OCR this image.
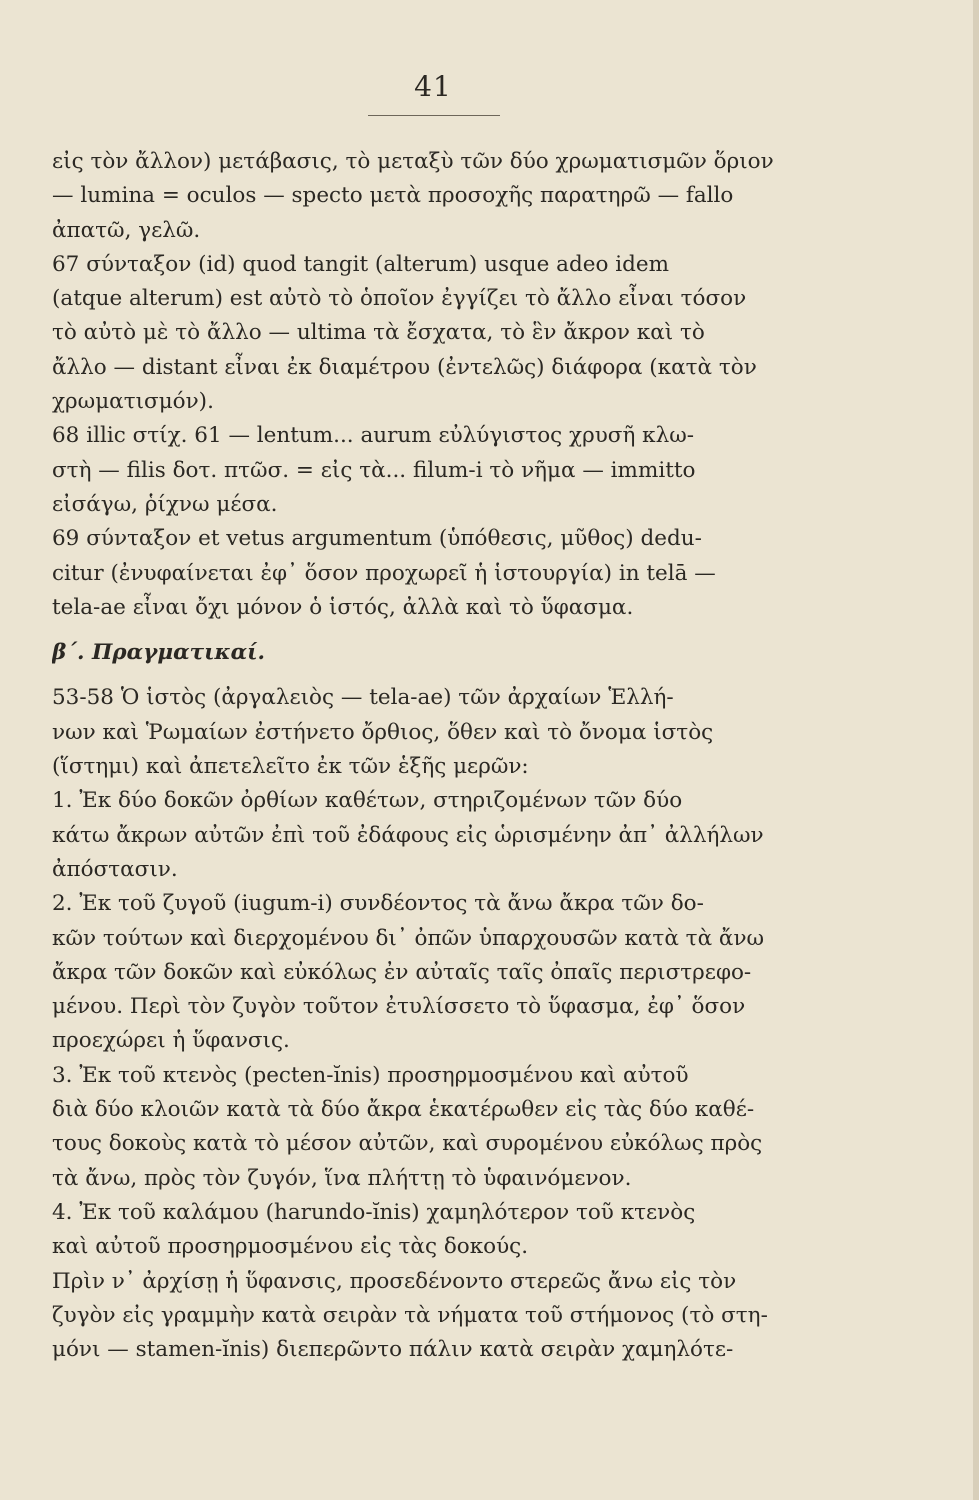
41
εἰς τὸν ἄλλον) μετάβασις, τὸ μεταξὺ τῶν δύο χρωματισμῶν ὅριον
— lumina = oculos — specto μετὰ προσοχῆς παρατηρῶ — fallo
ἀπατῶ, γελῶ.
67 σύνταξον (id) quod tangit (alterum) usque adeo idem
(atque alterum) est αὐτὸ τὸ ὁποῖον ἐγγίζει τὸ ἄλλο εἶναι τόσον
τὸ αὐτὸ μὲ τὸ ἄλλο — ultima τὰ ἔσχατα, τὸ ἓν ἄκρον καὶ τὸ
ἄλλο — distant εἶναι ἐκ διαμέτρου (ἐντελῶς) διάφορα (κατὰ τὸν
χρωματισμόν).
68 illic στίχ. 61 — lentum... aurum εὐλύγιστος χρυσῆ κλω-
στὴ — filis δοτ. πτῶσ. = εἰς τὰ... filum-i τὸ νῆμα — immitto
εἰσάγω, ῥίχνω μέσα.
69 σύνταξον et vetus argumentum (ὑπόθεσις, μῦθος) dedu-
citur (ἐνυφαίνεται ἐφ᾽ ὅσον προχωρεῖ ἡ ἱστουργία) in telā —
tela-ae εἶναι ὄχι μόνον ὁ ἱστός, ἀλλὰ καὶ τὸ ὕφασμα.
β΄. Πραγματικαί.
53-58 Ὁ ἱστὸς (ἀργαλειὸς — tela-ae) τῶν ἀρχαίων Ἑλλή-
νων καὶ Ῥωμαίων ἐστήνετο ὄρθιος, ὅθεν καὶ τὸ ὄνομα ἱστὸς
(ἵστημι) καὶ ἀπετελεῖτο ἐκ τῶν ἑξῆς μερῶν:
1. Ἐκ δύο δοκῶν ὀρθίων καθέτων, στηριζομένων τῶν δύο
κάτω ἄκρων αὐτῶν ἐπὶ τοῦ ἐδάφους εἰς ὡρισμένην ἀπ᾽ ἀλλήλων
ἀπόστασιν.
2. Ἐκ τοῦ ζυγοῦ (iugum-i) συνδέοντος τὰ ἄνω ἄκρα τῶν δο-
κῶν τούτων καὶ διερχομένου δι᾽ ὀπῶν ὑπαρχουσῶν κατὰ τὰ ἄνω
ἄκρα τῶν δοκῶν καὶ εὐκόλως ἐν αὐταῖς ταῖς ὀπαῖς περιστρεφο-
μένου. Περὶ τὸν ζυγὸν τοῦτον ἐτυλίσσετο τὸ ὕφασμα, ἐφ᾽ ὅσον
προεχώρει ἡ ὕφανσις.
3. Ἐκ τοῦ κτενὸς (pecten-ĭnis) προσηρμοσμένου καὶ αὐτοῦ
διὰ δύο κλοιῶν κατὰ τὰ δύο ἄκρα ἑκατέρωθεν εἰς τὰς δύο καθέ-
τους δοκοὺς κατὰ τὸ μέσον αὐτῶν, καὶ συρομένου εὐκόλως πρὸς
τὰ ἄνω, πρὸς τὸν ζυγόν, ἵνα πλήττῃ τὸ ὑφαινόμενον.
4. Ἐκ τοῦ καλάμου (harundo-ĭnis) χαμηλότερον τοῦ κτενὸς
καὶ αὐτοῦ προσηρμοσμένου εἰς τὰς δοκούς.
Πρὶν ν᾽ ἀρχίσῃ ἡ ὕφανσις, προσεδένοντο στερεῶς ἄνω εἰς τὸν
ζυγὸν εἰς γραμμὴν κατὰ σειρὰν τὰ νήματα τοῦ στήμονος (τὸ στη-
μόνι — stamen-ĭnis) διεπερῶντο πάλιν κατὰ σειρὰν χαμηλότε-
